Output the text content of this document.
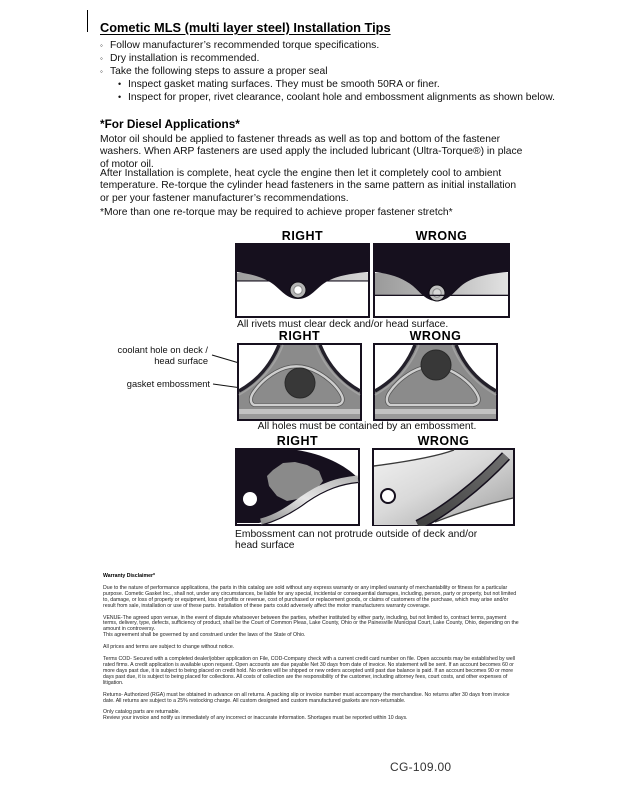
Cometic MLS (multi layer steel) Installation Tips
◦ Follow manufacturer’s recommended torque specifications.
◦ Dry installation is recommended.
◦ Take the following steps to assure a proper seal
• Inspect gasket mating surfaces. They must be smooth 50RA or finer.
• Inspect for proper, rivet clearance, coolant hole and embossment alignments as shown below.
*For Diesel Applications*
Motor oil should be applied to fastener threads as well as top and bottom of the fastener washers. When ARP fasteners are used apply the included lubricant (Ultra-Torque®) in place of motor oil.
After Installation is complete, heat cycle the engine then let it completely cool to ambient temperature. Re-torque the cylinder head fasteners in the same pattern as initial installation or per your fastener manufacturer’s recommendations.
*More than one re-torque may be required to achieve proper fastener stretch*
RIGHT	WRONG
All rivets must clear deck and/or head surface.
RIGHT	WRONG
coolant hole on deck / head surface
gasket embossment
All holes must be contained by an embossment.
RIGHT	WRONG
Embossment can not protrude outside of deck and/or head surface
Warranty Disclaimer*

Due to the nature of performance applications, the parts in this catalog are sold without any express warranty or any implied warranty of merchantability or fitness for a particular purpose. Cometic Gasket Inc., shall not, under any circumstances, be liable for any special, incidental or consequential damages, including, person, party or property, but not limited to, damage, or loss of property or equipment, loss of profits or revenue, cost of purchased or replacement goods, or claims of customers of the purchase, which may arise and/or result from sale, installation or use of these parts. Installation of these parts could adversely affect the motor manufacturers warranty coverage.

VENUE-The agreed upon venue, in the event of dispute whatsoever between the parties, whether instituted by either party, including, but not limited to, contract terms, payment terms, delivery, type, defects, sufficiency of product, shall be the Court of Common Pleas, Lake County, Ohio or the Painesville Municipal Court, Lake County, Ohio, depending on the amount in controversy.

This agreement shall be governed by and construed under the laws of the State of Ohio.

All prices and terms are subject to change without notice.

Terms COD- Secured with a completed dealer/jobber application on File, COD-Company check with a current credit card number on file. Open accounts may be established by well rated firms. A credit application is available upon request. Open accounts are due payable Net 30 days from date of invoice. No statement will be sent. If an account becomes 60 or more days past due, it is subject to being placed on credit hold. No orders will be shipped or new orders accepted until past due balance is paid. If an account becomes 90 or more days past due, it is subject to being placed for collections. All costs of collection are the responsibility of the customer, including attorney fees, court costs, and other expenses of litigation.

Returns- Authorized (RGA) must be obtained in advance on all returns. A packing slip or invoice number must accompany the merchandise. No returns after 30 days from invoice date. All returns are subject to a 25% restocking charge. All custom designed and custom manufactured gaskets are non-returnable.

Only catalog parts are returnable.

Review your invoice and notify us immediately of any incorrect or inaccurate information. Shortages must be reported within 10 days.

CG-109.00
